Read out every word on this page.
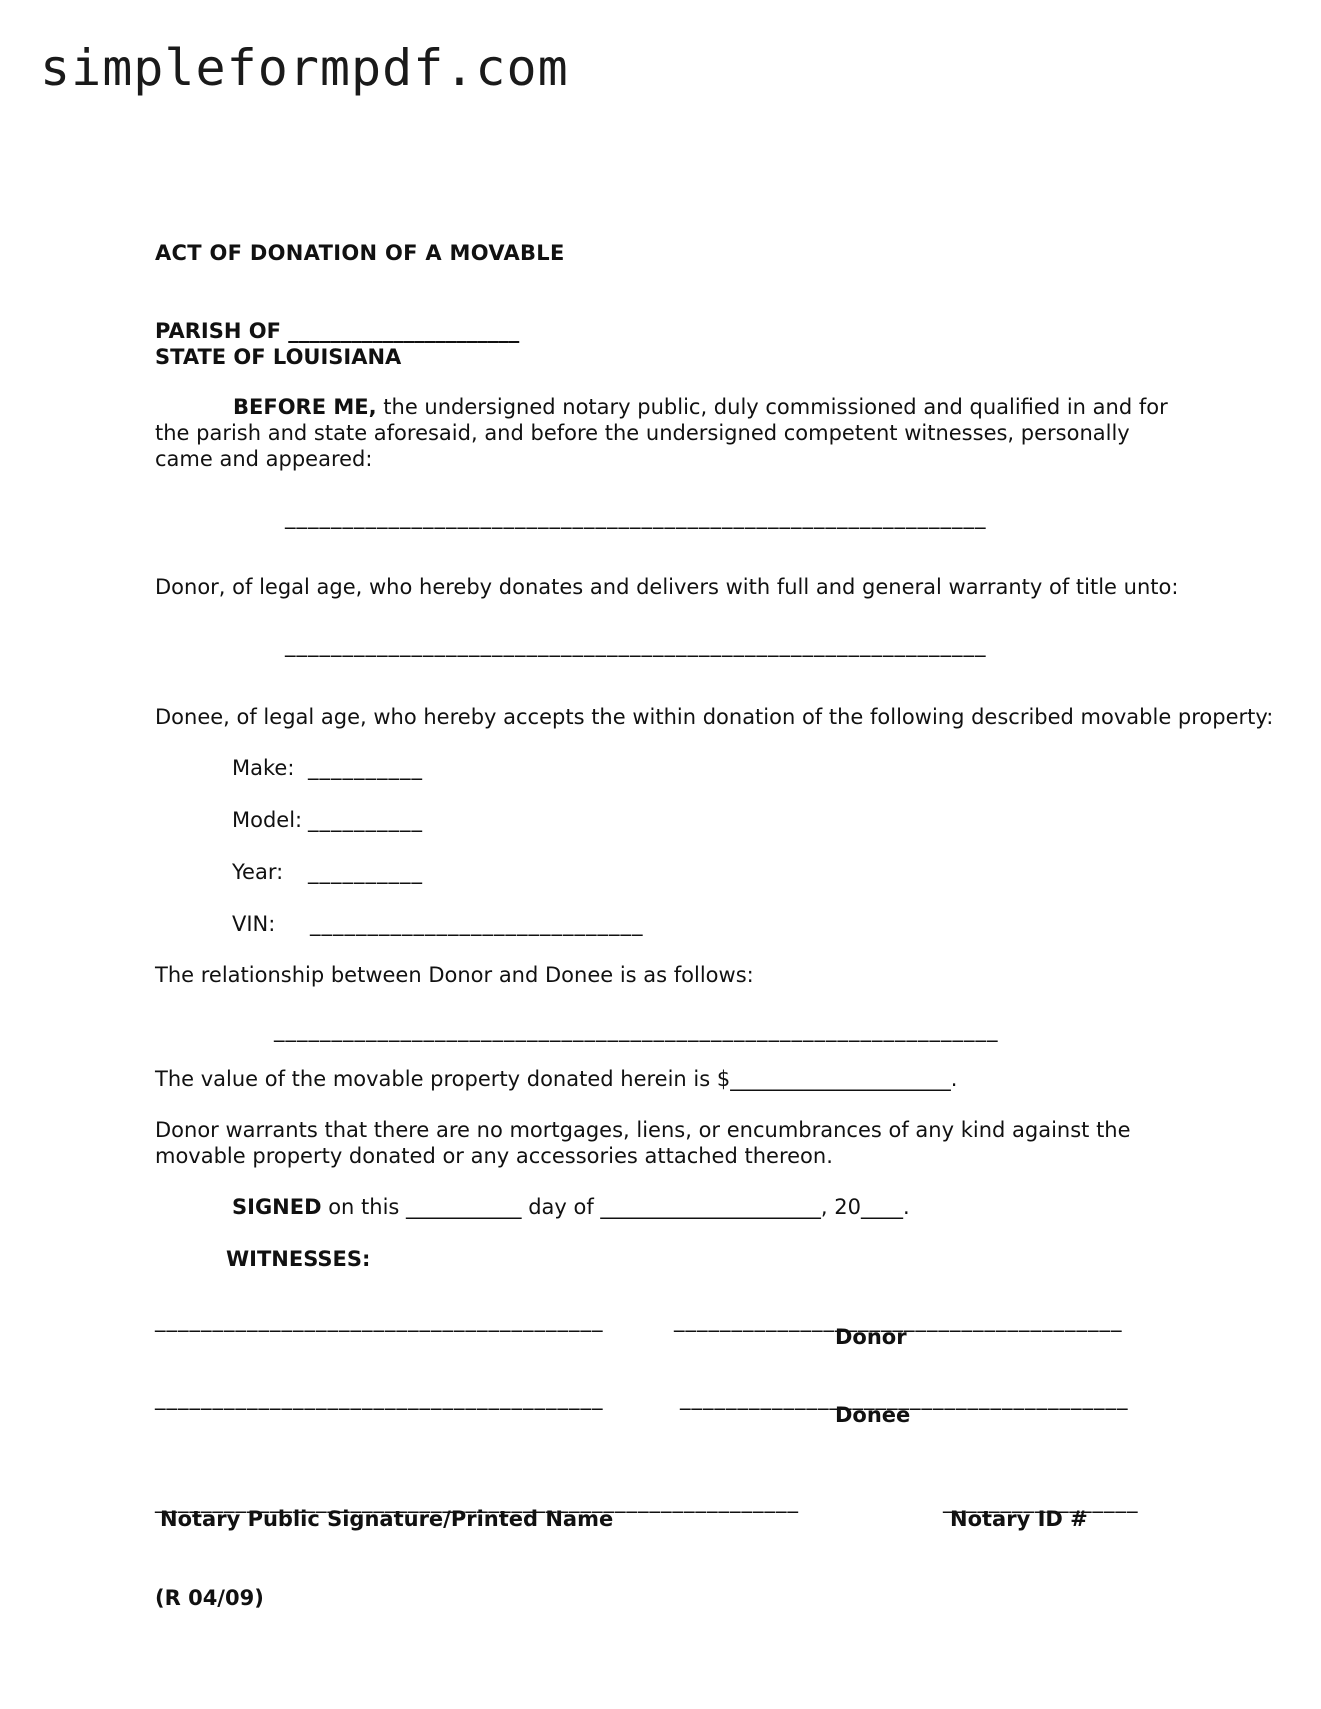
simpleformpdf.com
ACT OF DONATION OF A MOVABLE
PARISH OF ______________________
STATE OF LOUISIANA
BEFORE ME, the undersigned notary public, duly commissioned and qualified in and for the parish and state aforesaid, and before the undersigned competent witnesses, personally came and appeared:
_____________________________________________________________
Donor, of legal age, who hereby donates and delivers with full and general warranty of title unto:
_____________________________________________________________
Donee, of legal age, who hereby accepts the within donation of the following described movable property:
Make: __________
Model: __________
Year: __________
VIN: _____________________________
The relationship between Donor and Donee is as follows:
_______________________________________________________________
The value of the movable property donated herein is $_____________________.
Donor warrants that there are no mortgages, liens, or encumbrances of any kind against the movable property donated or any accessories attached thereon.
SIGNED on this ___________ day of _____________________, 20____.
WITNESSES:
_______________________________________	_______________________________________
Donor
_______________________________________	_______________________________________
Donee
________________________________________________________	_________________
Notary Public Signature/Printed Name	Notary ID #
(R 04/09)
